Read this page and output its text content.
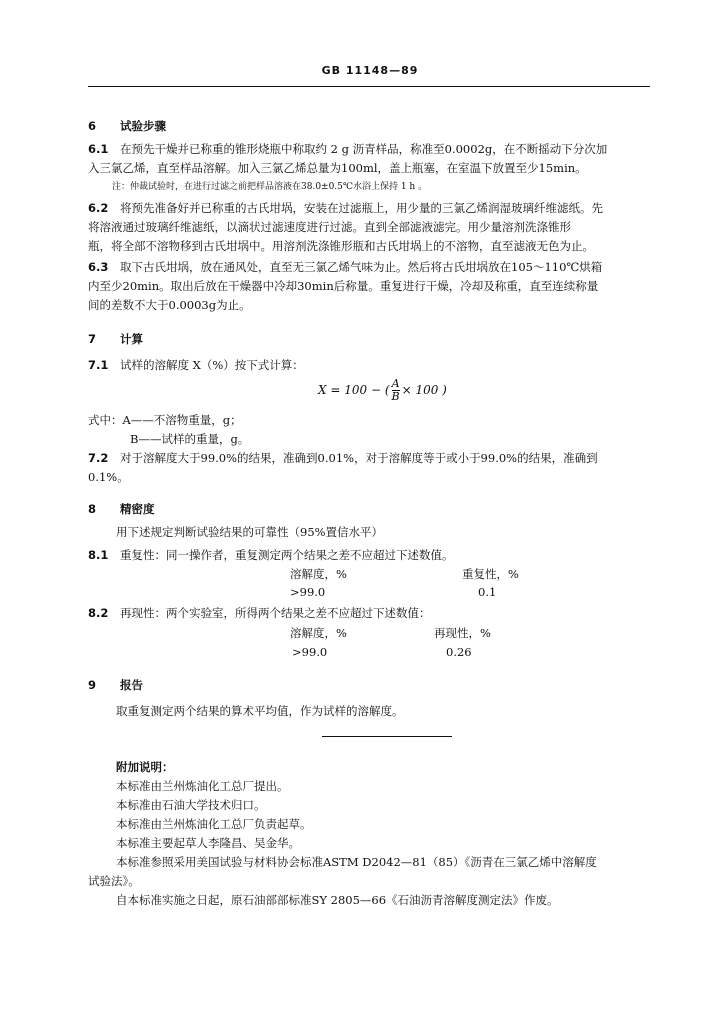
GB 11148—89
6 试验步骤
6.1 在预先干燥并已称重的锥形烧瓶中称取约 2 g 沥青样品，称准至0.0002g，在不断摇动下分次加
入三氯乙烯，直至样品溶解。加入三氯乙烯总量为100ml，盖上瓶塞，在室温下放置至少15min。
注：仲裁试验时，在进行过滤之前把样品溶液在38.0±0.5℃水浴上保持 1 h 。
6.2 将预先准备好并已称重的古氏坩埚，安装在过滤瓶上，用少量的三氯乙烯润湿玻璃纤维滤纸。先
将溶液通过玻璃纤维滤纸，以滴状过滤速度进行过滤。直到全部滤液滤完。用少量溶剂洗涤锥形
瓶，将全部不溶物移到古氏坩埚中。用溶剂洗涤锥形瓶和古氏坩埚上的不溶物，直至滤液无色为止。
6.3 取下古氏坩埚，放在通风处，直至无三氯乙烯气味为止。然后将古氏坩埚放在105～110℃烘箱
内至少20min。取出后放在干燥器中冷却30min后称量。重复进行干燥，冷却及称重，直至连续称量
间的差数不大于0.0003g为止。
7 计算
7.1 试样的溶解度 X（%）按下式计算：
X = 100 − ( $\frac{A}{B} \times 100$ )
式中：A——不溶物重量，g；
B——试样的重量，g。
7.2 对于溶解度大于99.0%的结果，准确到0.01%，对于溶解度等于或小于99.0%的结果，准确到
0.1%。
8 精密度
用下述规定判断试验结果的可靠性（95%置信水平）
8.1 重复性：同一操作者，重复测定两个结果之差不应超过下述数值。
溶解度，%	重复性，%
>99.0	0.1
8.2 再现性：两个实验室，所得两个结果之差不应超过下述数值：
溶解度，%	再现性，%
>99.0	0.26
9 报告
取重复测定两个结果的算术平均值，作为试样的溶解度。
附加说明：
本标准由兰州炼油化工总厂提出。
本标准由石油大学技术归口。
本标准由兰州炼油化工总厂负责起草。
本标准主要起草人李隆昌、吴金华。
本标准参照采用美国试验与材料协会标准ASTM D2042—81（85）《沥青在三氯乙烯中溶解度
试验法》。
自本标准实施之日起，原石油部部标准SY 2805—66《石油沥青溶解度测定法》作废。
